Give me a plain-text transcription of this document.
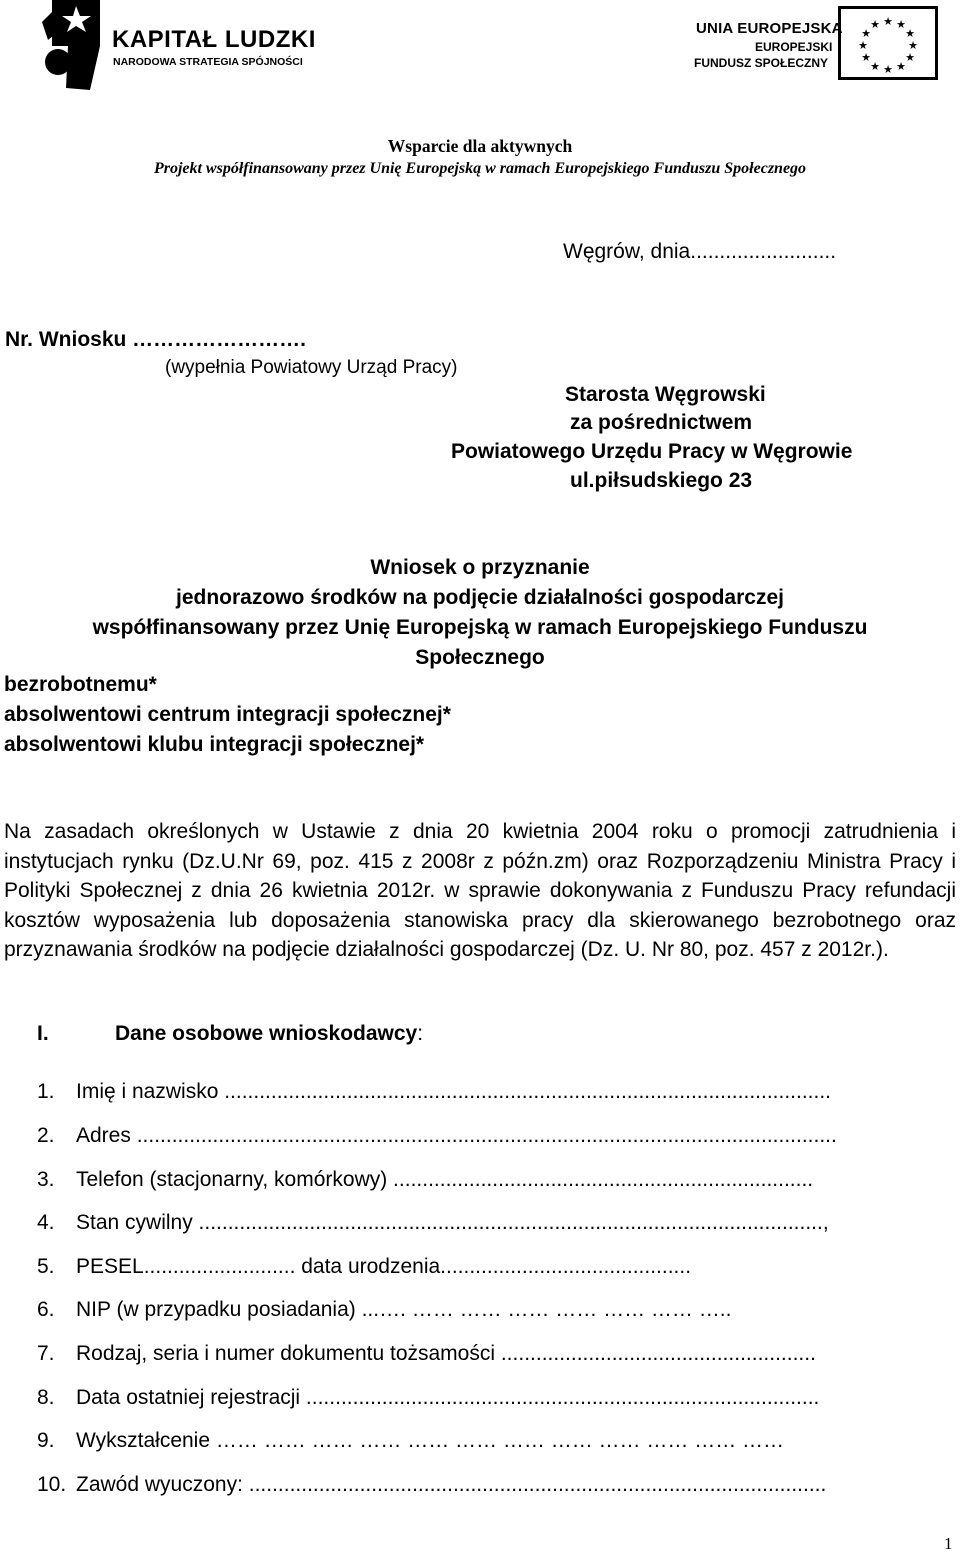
KAPITAŁ LUDZKI
NARODOWA STRATEGIA SPÓJNOŚCI
UNIA EUROPEJSKA
EUROPEJSKI
FUNDUSZ SPOŁECZNY
★ ★
★
★
★
★
★
★
★
★
★
★
Wsparcie dla aktywnych
Projekt współfinansowany przez Unię Europejską w ramach Europejskiego Funduszu Społecznego
Węgrów, dnia.........................
Nr. Wniosku …………………….
(wypełnia Powiatowy Urząd Pracy)
Starosta Węgrowski
za pośrednictwem
Powiatowego Urzędu Pracy w Węgrowie
ul.piłsudskiego 23
Wniosek o przyznanie
jednorazowo środków na podjęcie działalności gospodarczej
współfinansowany przez Unię Europejską w ramach Europejskiego Funduszu
Społecznego
bezrobotnemu*
absolwentowi centrum integracji społecznej*
absolwentowi klubu integracji społecznej*
Na zasadach określonych w Ustawie z dnia 20 kwietnia 2004 roku o promocji zatrudnienia i instytucjach rynku (Dz.U.Nr 69, poz. 415 z 2008r z późn.zm) oraz Rozporządzeniu Ministra Pracy i Polityki Społecznej z dnia 26 kwietnia 2012r. w sprawie dokonywania z Funduszu Pracy refundacji kosztów wyposażenia lub doposażenia stanowiska pracy dla skierowanego bezrobotnego oraz przyznawania środków na podjęcie działalności gospodarczej (Dz. U. Nr 80, poz. 457 z 2012r.).
I.	Dane osobowe wnioskodawcy:
1. Imię i nazwisko ........................................................................................................
2. Adres ........................................................................................................................
3. Telefon (stacjonarny, komórkowy) ........................................................................
4. Stan cywilny ...........................................................................................................,
5. PESEL.......................... data urodzenia...........................................
6. NIP (w przypadku posiadania) ...…. …… …… …… …… …… …… …..
7. Rodzaj, seria i numer dokumentu tożsamości ......................................................
8. Data ostatniej rejestracji ........................................................................................
9. Wykształcenie …… …… …… …… …… …… …… …… …… …… …… ……
10. Zawód wyuczony: ...................................................................................................
1
